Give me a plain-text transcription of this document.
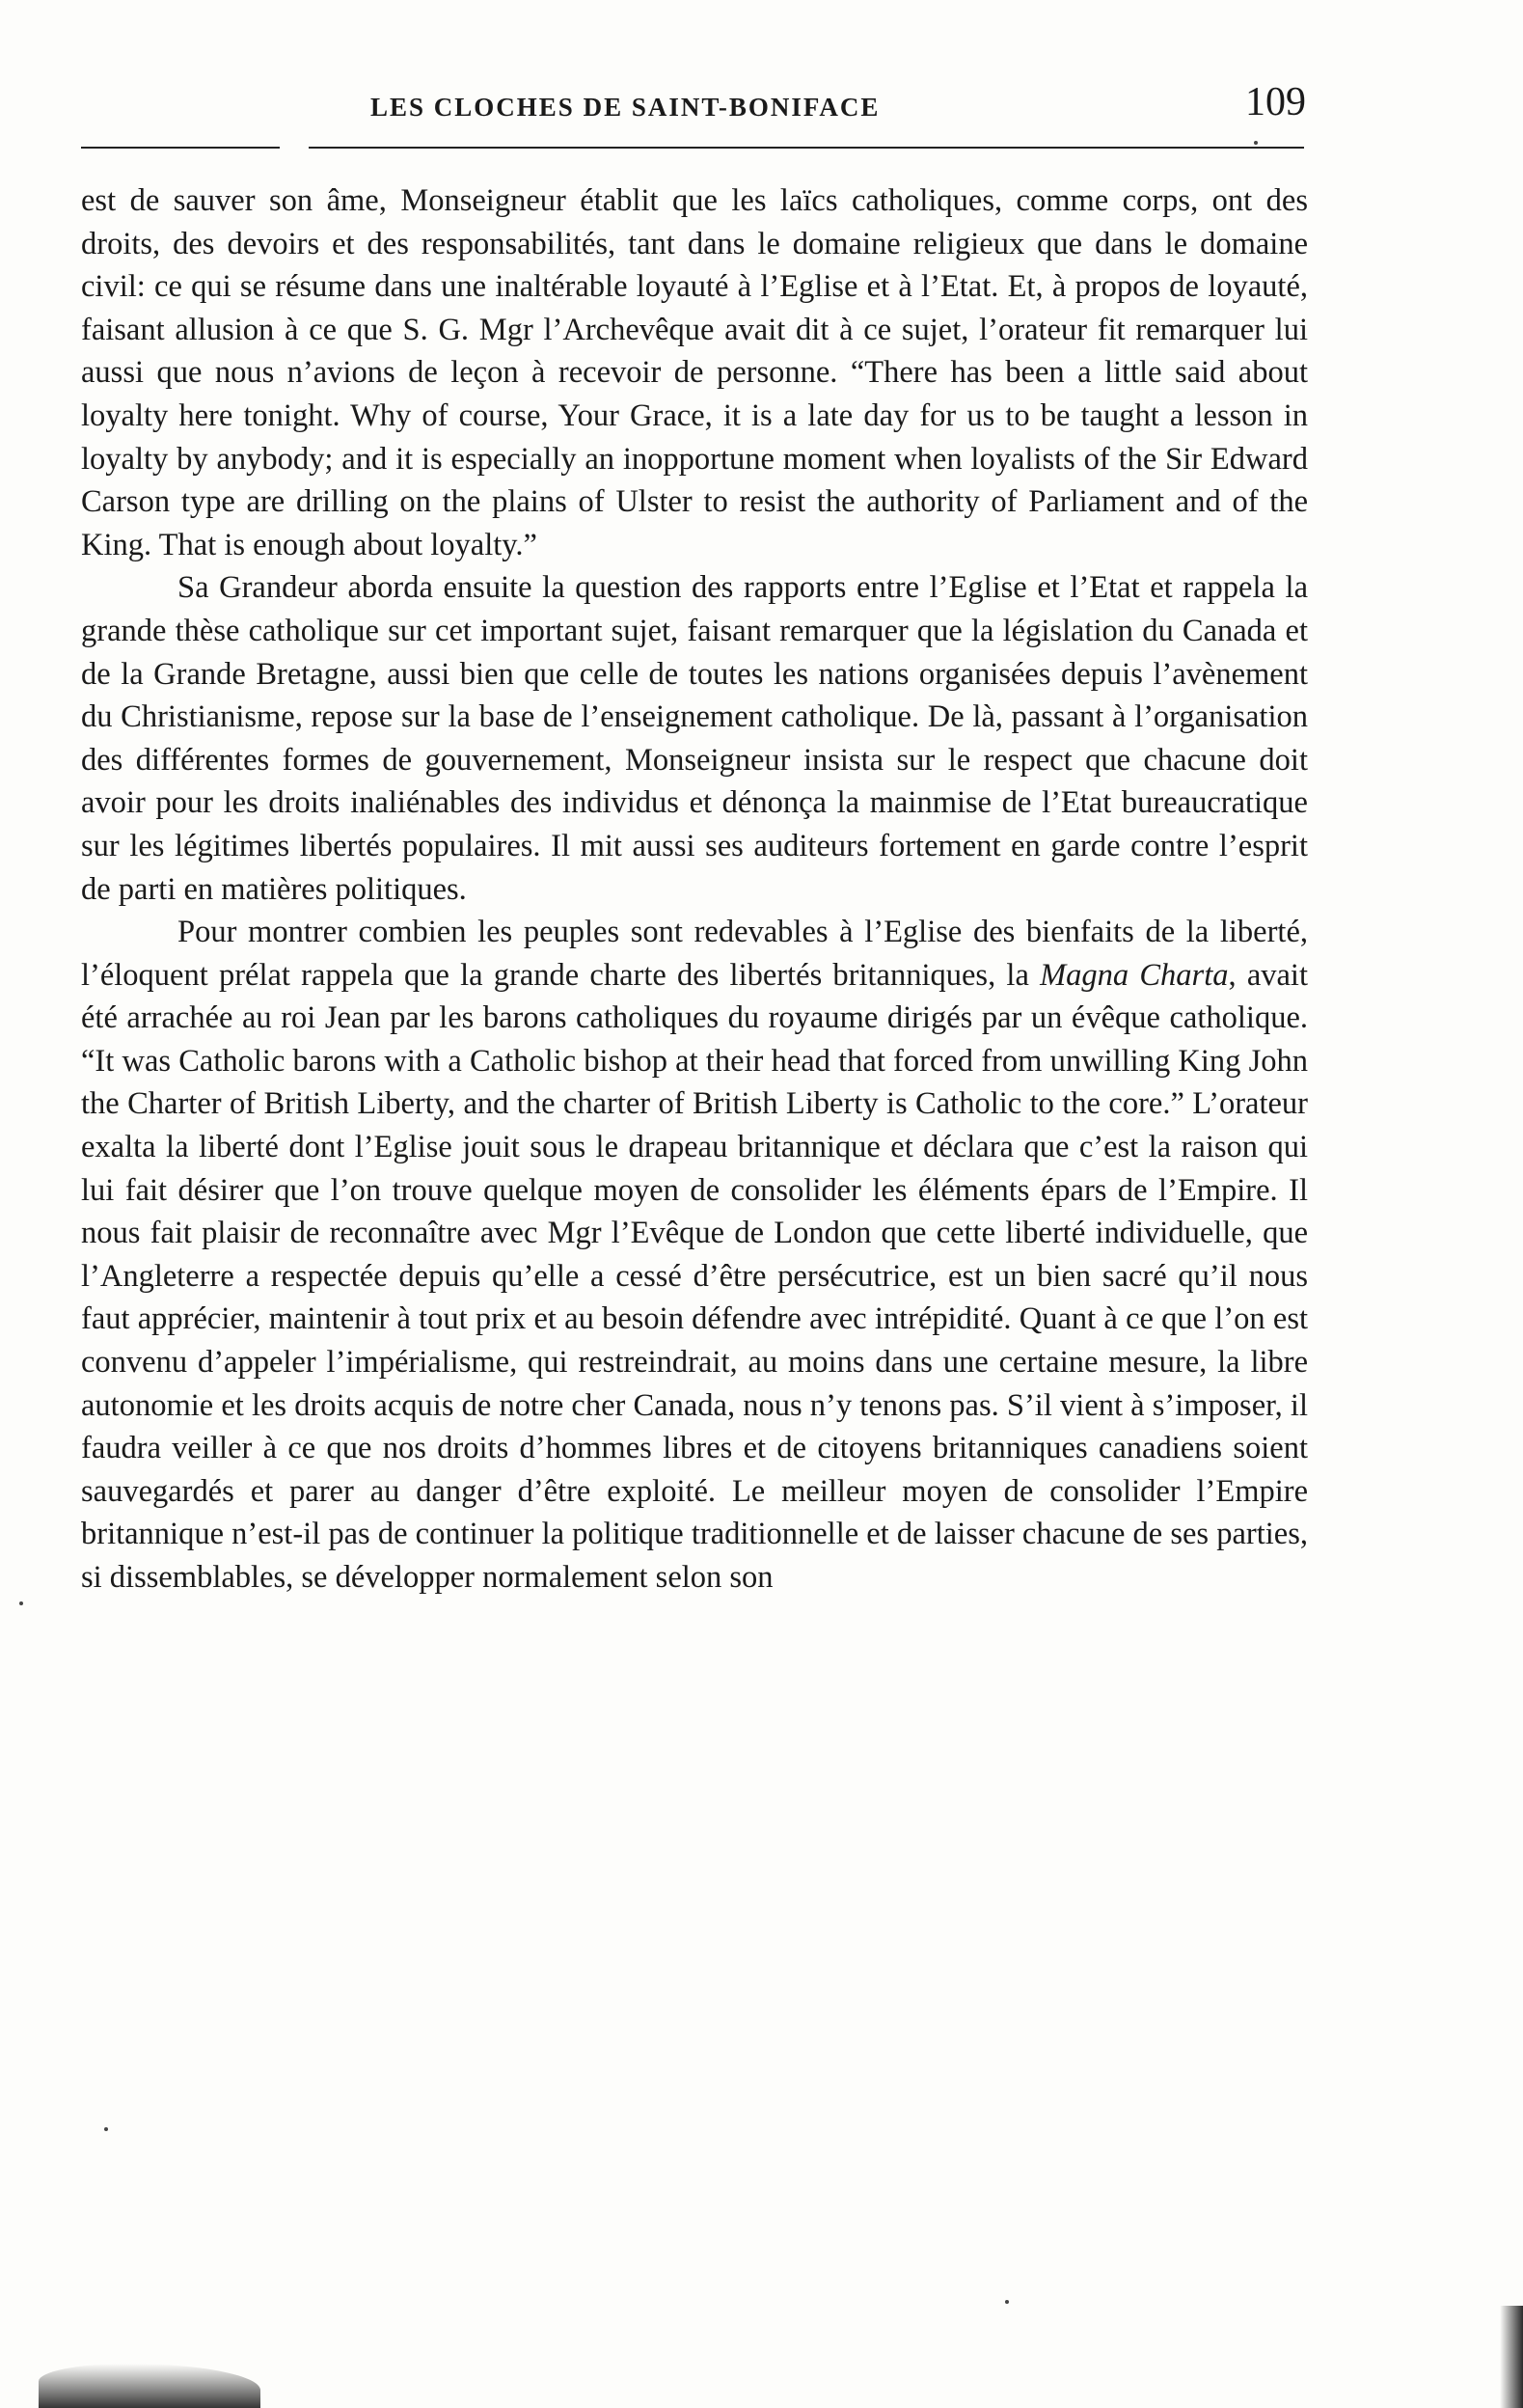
LES CLOCHES DE SAINT-BONIFACE	109

est de sauver son âme, Monseigneur établit que les laïcs catholiques, comme corps, ont des droits, des devoirs et des responsabilités, tant dans le domaine religieux que dans le domaine civil: ce qui se résume dans une inaltérable loyauté à l’Eglise et à l’Etat. Et, à propos de loyauté, faisant allusion à ce que S. G. Mgr l’Archevêque avait dit à ce sujet, l’orateur fit remarquer lui aussi que nous n’avions de leçon à recevoir de personne. “There has been a little said about loyalty here tonight. Why of course, Your Grace, it is a late day for us to be taught a lesson in loyalty by anybody; and it is especially an inopportune moment when loyalists of the Sir Edward Carson type are drilling on the plains of Ulster to resist the authority of Parliament and of the King. That is enough about loyalty.”

Sa Grandeur aborda ensuite la question des rapports entre l’Eglise et l’Etat et rappela la grande thèse catholique sur cet important sujet, faisant remarquer que la législation du Canada et de la Grande Bretagne, aussi bien que celle de toutes les nations organisées depuis l’avènement du Christianisme, repose sur la base de l’enseignement catholique. De là, passant à l’organisation des différentes formes de gouvernement, Monseigneur insista sur le respect que chacune doit avoir pour les droits inaliénables des individus et dénonça la mainmise de l’Etat bureaucratique sur les légitimes libertés populaires. Il mit aussi ses auditeurs fortement en garde contre l’esprit de parti en matières politiques.

Pour montrer combien les peuples sont redevables à l’Eglise des bienfaits de la liberté, l’éloquent prélat rappela que la grande charte des libertés britanniques, la Magna Charta, avait été arrachée au roi Jean par les barons catholiques du royaume dirigés par un évêque catholique. “It was Catholic barons with a Catholic bishop at their head that forced from unwilling King John the Charter of British Liberty, and the charter of British Liberty is Catholic to the core.” L’orateur exalta la liberté dont l’Eglise jouit sous le drapeau britannique et déclara que c’est la raison qui lui fait désirer que l’on trouve quelque moyen de consolider les éléments épars de l’Empire. Il nous fait plaisir de reconnaître avec Mgr l’Evêque de London que cette liberté individuelle, que l’Angleterre a respectée depuis qu’elle a cessé d’être persécutrice, est un bien sacré qu’il nous faut apprécier, maintenir à tout prix et au besoin défendre avec intrépidité. Quant à ce que l’on est convenu d’appeler l’impérialisme, qui restreindrait, au moins dans une certaine mesure, la libre autonomie et les droits acquis de notre cher Canada, nous n’y tenons pas. S’il vient à s’imposer, il faudra veiller à ce que nos droits d’hommes libres et de citoyens britanniques canadiens soient sauvegardés et parer au danger d’être exploité. Le meilleur moyen de consolider l’Empire britannique n’est-il pas de continuer la politique traditionnelle et de laisser chacune de ses parties, si dissemblables, se développer normalement selon son
